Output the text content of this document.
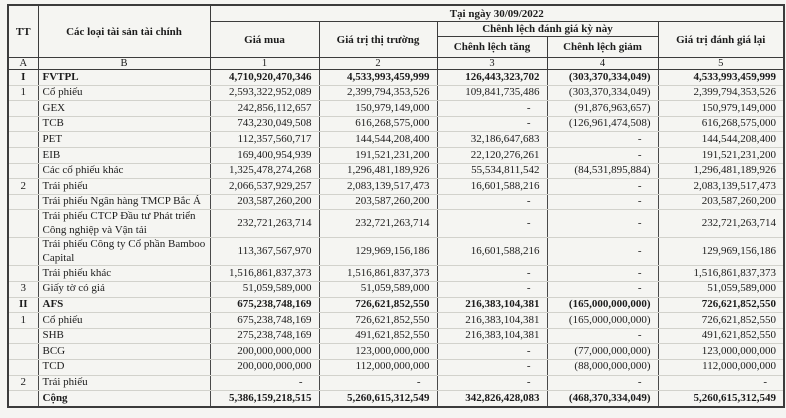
TT	Các loại tài sản tài chính	Tại ngày 30/09/2022				
		Giá mua	Giá trị thị trường	Chênh lệch đánh giá kỳ này		Giá trị đánh giá lại
				Chênh lệch tăng	Chênh lệch giảm	
A	B	1	2	3	4	5
I	FVTPL	4,710,920,470,346	4,533,993,459,999	126,443,323,702	(303,370,334,049)	4,533,993,459,999
1	Cổ phiếu	2,593,322,952,089	2,399,794,353,526	109,841,735,486	(303,370,334,049)	2,399,794,353,526
	GEX	242,856,112,657	150,979,149,000	-	(91,876,963,657)	150,979,149,000
	TCB	743,230,049,508	616,268,575,000	-	(126,961,474,508)	616,268,575,000
	PET	112,357,560,717	144,544,208,400	32,186,647,683	-	144,544,208,400
	EIB	169,400,954,939	191,521,231,200	22,120,276,261	-	191,521,231,200
	Các cổ phiếu khác	1,325,478,274,268	1,296,481,189,926	55,534,811,542	(84,531,895,884)	1,296,481,189,926
2	Trái phiếu	2,066,537,929,257	2,083,139,517,473	16,601,588,216	-	2,083,139,517,473
	Trái phiếu Ngân hàng TMCP Bắc Á	203,587,260,200	203,587,260,200	-	-	203,587,260,200
	Trái phiếu CTCP Đầu tư Phát triển Công nghiệp và Vận tải	232,721,263,714	232,721,263,714	-	-	232,721,263,714
	Trái phiếu Công ty Cổ phần Bamboo Capital	113,367,567,970	129,969,156,186	16,601,588,216	-	129,969,156,186
	Trái phiếu khác	1,516,861,837,373	1,516,861,837,373	-	-	1,516,861,837,373
3	Giấy tờ có giá	51,059,589,000	51,059,589,000	-	-	51,059,589,000
II	AFS	675,238,748,169	726,621,852,550	216,383,104,381	(165,000,000,000)	726,621,852,550
1	Cổ phiếu	675,238,748,169	726,621,852,550	216,383,104,381	(165,000,000,000)	726,621,852,550
	SHB	275,238,748,169	491,621,852,550	216,383,104,381	-	491,621,852,550
	BCG	200,000,000,000	123,000,000,000	-	(77,000,000,000)	123,000,000,000
	TCD	200,000,000,000	112,000,000,000	-	(88,000,000,000)	112,000,000,000
2	Trái phiếu	-	-	-	-	-
	Cộng	5,386,159,218,515	5,260,615,312,549	342,826,428,083	(468,370,334,049)	5,260,615,312,549
